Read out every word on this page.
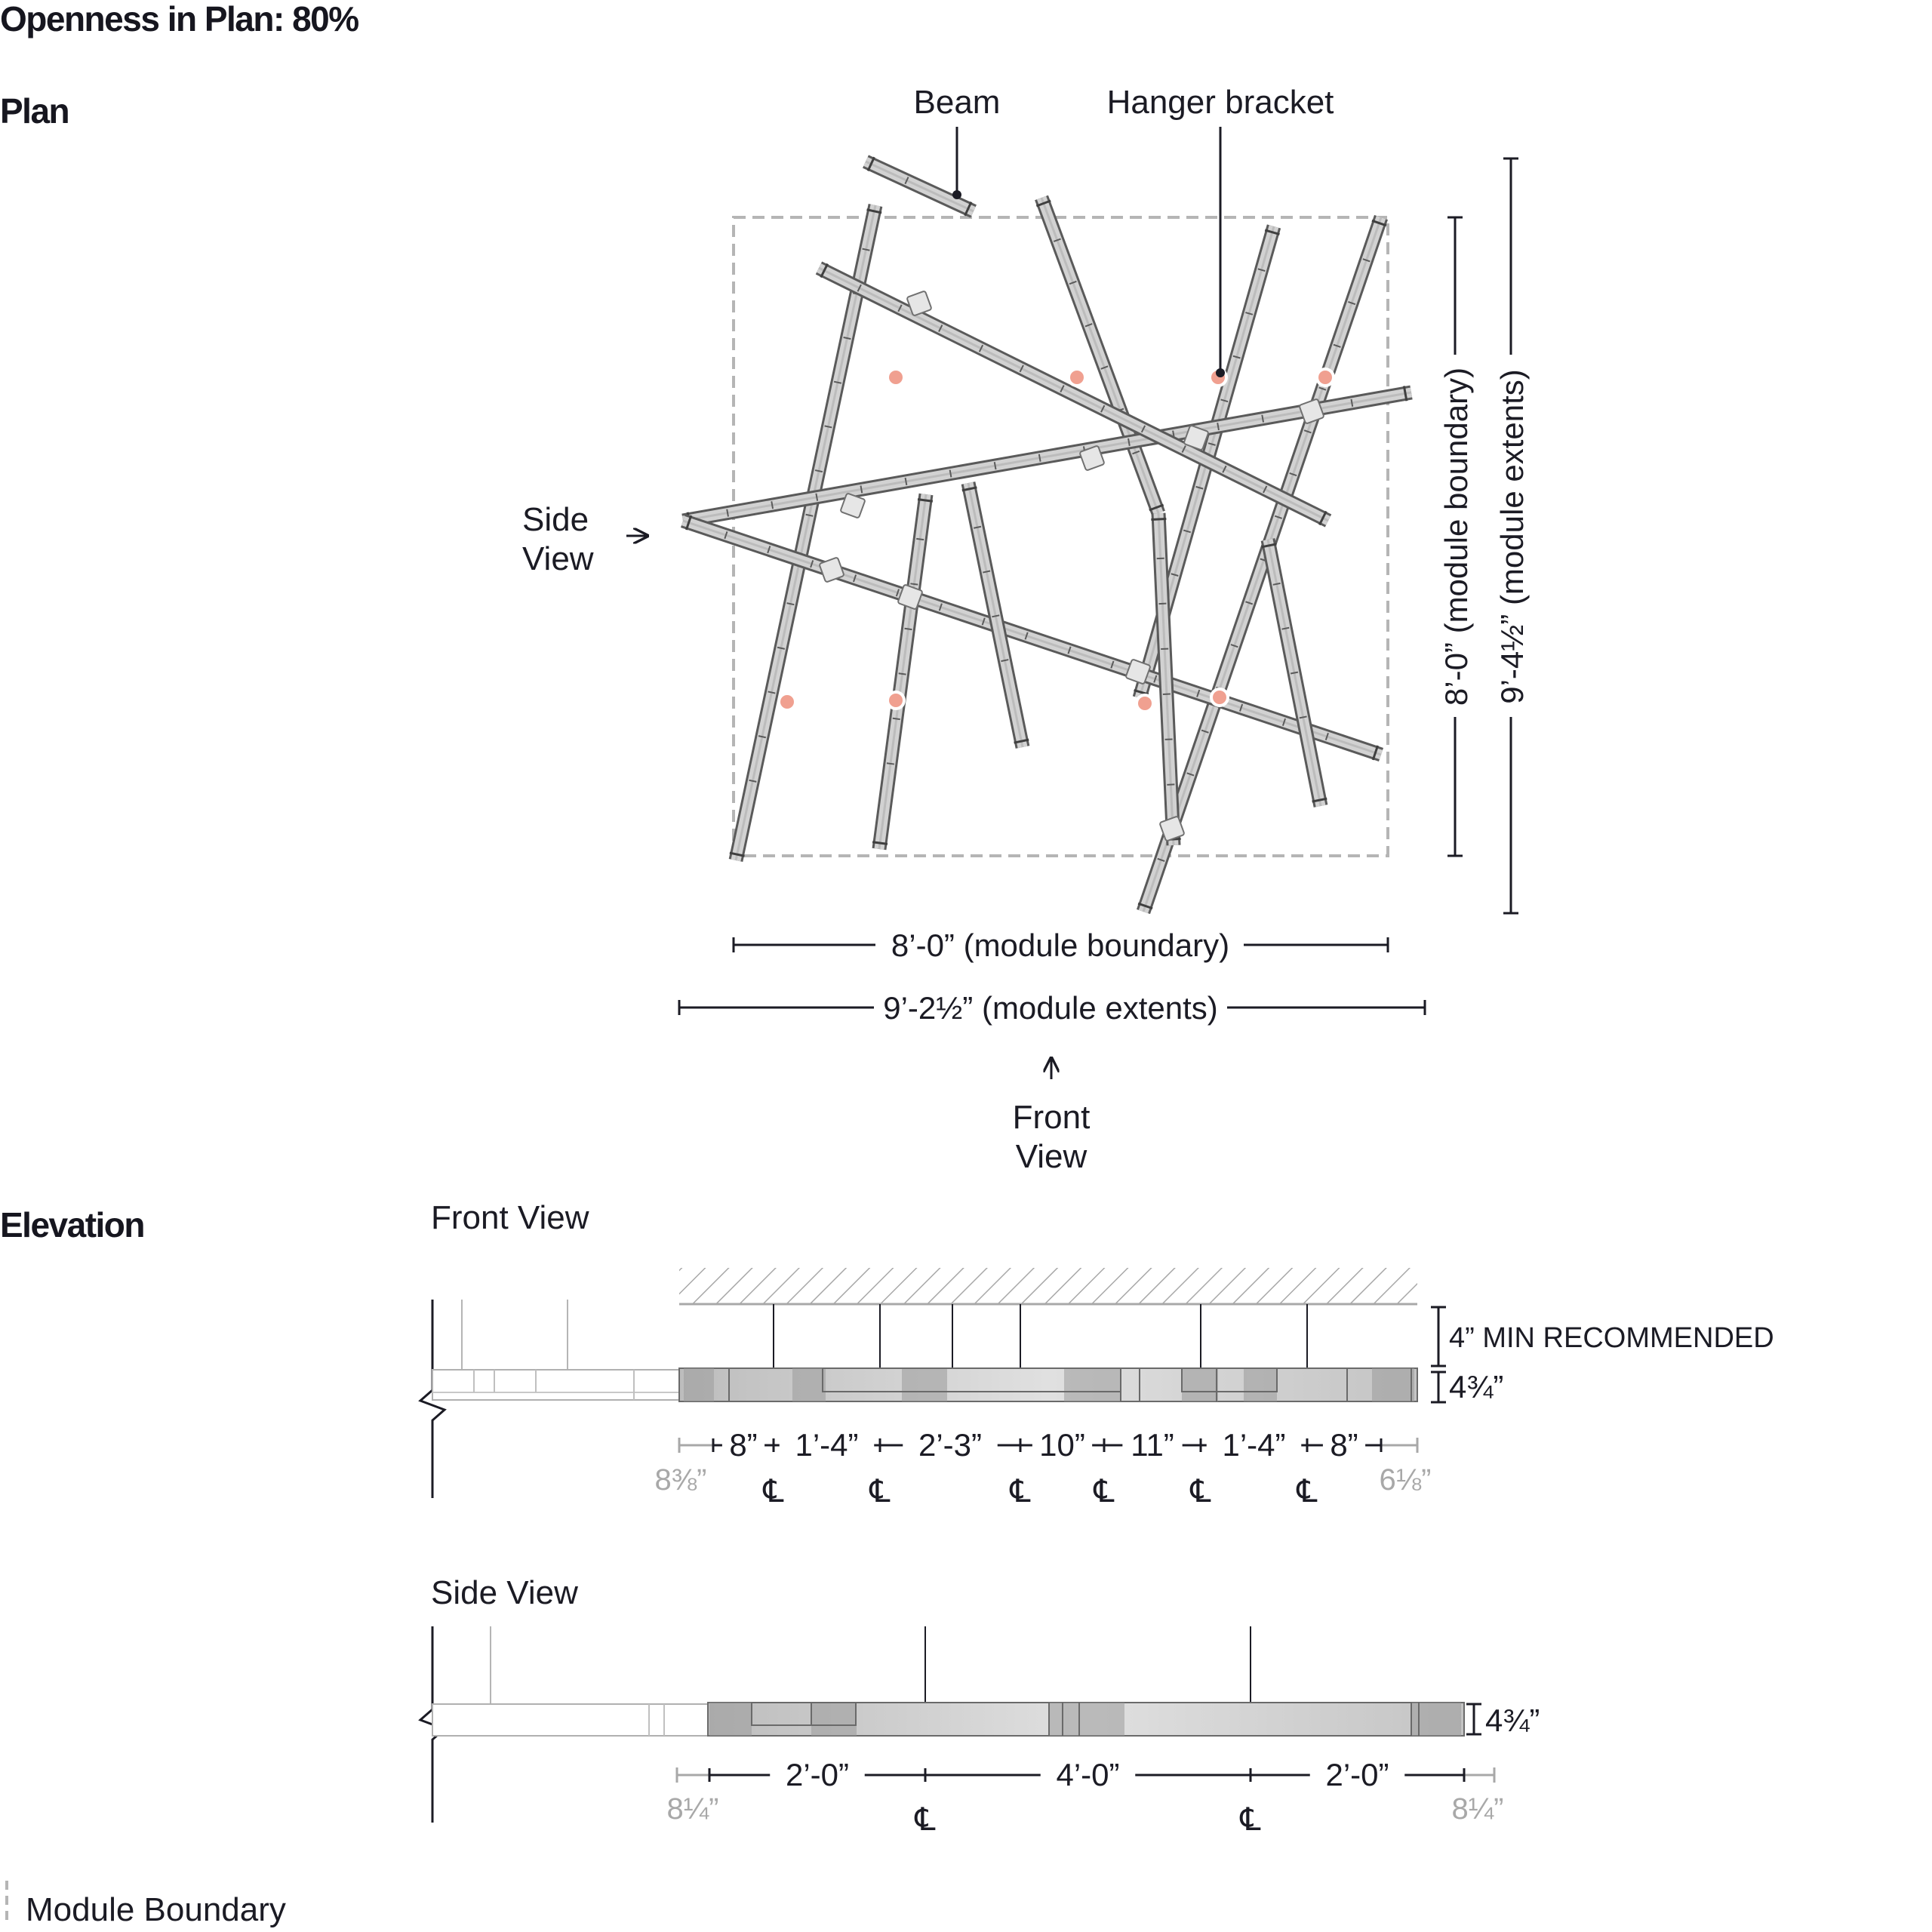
Openness in Plan: 80%
Plan
Elevation
Beam	Hanger bracket
Side
View
Front
View
8’-0” (module boundary)
9’-2½” (module extents)
8’-0” (module boundary) 9’-4½” (module extents)
Front View
4” MIN RECOMMENDED
4¾”
8” 1’-4” 2’-3” 10” 11” 1’-4” 8”
8⅜”	6⅛”
℄	℄	℄ ℄ ℄	℄
Side View
4¾”
2’-0”	4’-0”	2’-0”
8¼”	8¼”
℄	℄
Module Boundary
